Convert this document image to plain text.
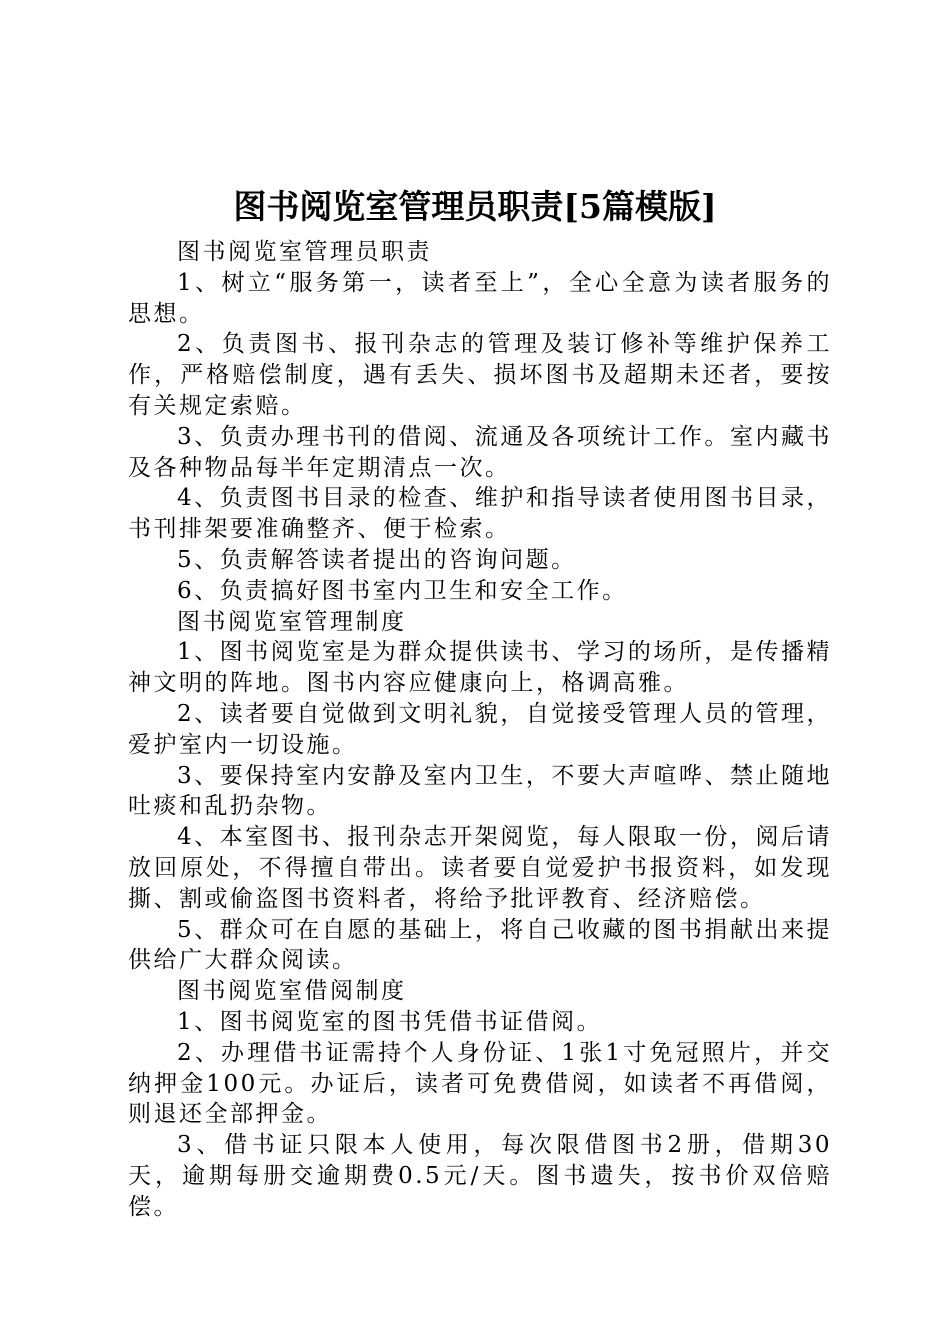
图书阅览室管理员职责[5篇模版]

图书阅览室管理员职责

1、树立“服务第一，读者至上”，全心全意为读者服务的思想。

2、负责图书、报刊杂志的管理及装订修补等维护保养工作，严格赔偿制度，遇有丢失、损坏图书及超期未还者，要按有关规定索赔。

3、负责办理书刊的借阅、流通及各项统计工作。室内藏书及各种物品每半年定期清点一次。

4、负责图书目录的检查、维护和指导读者使用图书目录，书刊排架要准确整齐、便于检索。

5、负责解答读者提出的咨询问题。

6、负责搞好图书室内卫生和安全工作。

图书阅览室管理制度

1、图书阅览室是为群众提供读书、学习的场所，是传播精神文明的阵地。图书内容应健康向上，格调高雅。

2、读者要自觉做到文明礼貌，自觉接受管理人员的管理，爱护室内一切设施。

3、要保持室内安静及室内卫生，不要大声喧哗、禁止随地吐痰和乱扔杂物。

4、本室图书、报刊杂志开架阅览，每人限取一份，阅后请放回原处，不得擅自带出。读者要自觉爱护书报资料，如发现撕、割或偷盗图书资料者，将给予批评教育、经济赔偿。

5、群众可在自愿的基础上，将自己收藏的图书捐献出来提供给广大群众阅读。

图书阅览室借阅制度

1、图书阅览室的图书凭借书证借阅。

2、办理借书证需持个人身份证、1张1寸免冠照片，并交纳押金100元。办证后，读者可免费借阅，如读者不再借阅，则退还全部押金。

3、借书证只限本人使用，每次限借图书2册，借期30天，逾期每册交逾期费0.5元/天。图书遗失，按书价双倍赔偿。
